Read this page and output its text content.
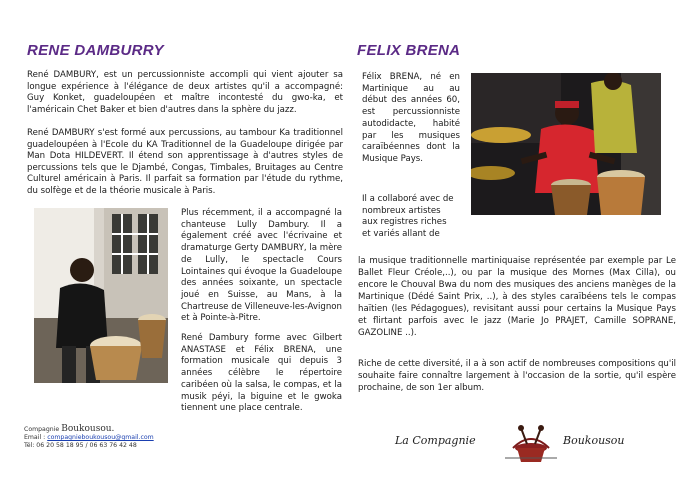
RENE DAMBURRY

René DAMBURY, est un percussionniste accompli qui vient ajouter sa longue expérience à l'élégance de deux artistes qu'il a accompagné: Guy Konket, guadeloupéen et maître incontesté du gwo-ka, et l'américain Chet Baker et bien d'autres dans la sphère du jazz.

René DAMBURY s'est formé aux percussions, au tambour Ka traditionnel guadeloupéen à l'Ecole du KA Traditionnel de la Guadeloupe dirigée par Man Dota HILDEVERT. Il étend son apprentissage à d'autres styles de percussions tels que le Djambé, Congas, Timbales, Bruitages au Centre Culturel américain à Paris. Il parfait sa formation par l'étude du rythme, du solfège et de la théorie musicale à Paris.

Plus récemment, il a accompagné la chanteuse Lully Dambury. Il a également créé avec l'écrivaine et dramaturge Gerty DAMBURY, la mère de Lully, le spectacle Cours Lointaines qui évoque la Guadeloupe des années soixante, un spectacle joué en Suisse, au Mans, à la Chartreuse de Villeneuve-les-Avignon et à Pointe-à-Pitre.

René Dambury forme avec Gilbert ANASTASE et Félix BRENA, une formation musicale qui depuis 3 années célèbre le répertoire caribéen où la salsa, le compas, et la musik péyi, la biguine et le gwoka tiennent une place centrale.

FELIX BRENA

Félix BRENA, né en Martinique au au début des années 60, est percussionniste autodidacte, habité par les musiques caraïbéennes dont la Musique Pays.

Il a collaboré avec de nombreux artistes aux registres riches et variés allant de

la musique traditionnelle martiniquaise représentée par exemple par Le Ballet Fleur Créole,..), ou par la musique des Mornes (Max Cilla), ou encore le Chouval Bwa du nom des musiques des anciens manèges de la Martinique (Dédé Saint Prix, ..), à des styles caraïbéens tels le compas haïtien (les Pédagogues), revisitant aussi pour certains la Musique Pays et flirtant parfois avec le jazz (Marie Jo PRAJET, Camille SOPRANE, GAZOLINE ..).

Riche de cette diversité, il a à son actif de nombreuses compositions qu'il souhaite faire connaître largement à l'occasion de la sortie, qu'il espère prochaine, de son 1er album.

Compagnie Boukousou.
Email : compagnieboukousou@gmail.com
Tél: 06 20 58 18 95 / 06 63 76 42 48	La Compagnie	Boukousou
